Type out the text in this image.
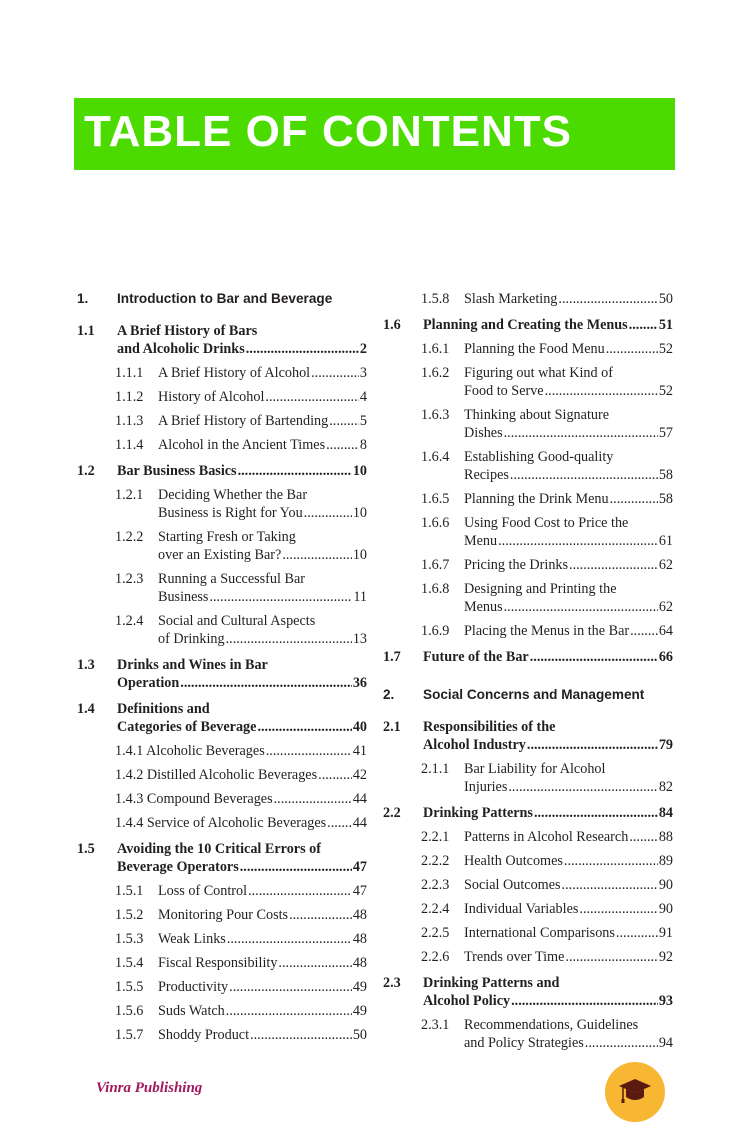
TABLE OF CONTENTS
1. Introduction to Bar and Beverage
1.1 A Brief History of Bars
and Alcoholic Drinks .....	2
1.1.1 A Brief History of Alcohol .....	3
1.1.2 History of Alcohol .....	4
1.1.3 A Brief History of Bartending ..... 5
1.1.4 Alcohol in the Ancient Times ..... 8
1.2 Bar Business Basics .....	10
1.2.1 Deciding Whether the Bar
Business is Right for You .....	10
1.2.2 Starting Fresh or Taking
over an Existing Bar? .....	10
1.2.3 Running a Successful Bar
Business .....	11
1.2.4 Social and Cultural Aspects
of Drinking .....	13
1.3 Drinks and Wines in Bar
Operation .....	36
1.4 Definitions and
Categories of Beverage .....	40
1.4.1 Alcoholic Beverages .....	41
1.4.2 Distilled Alcoholic Beverages .....	42
1.4.3 Compound Beverages .....	44
1.4.4 Service of Alcoholic Beverages ..... 44
1.5 Avoiding the 10 Critical Errors of
Beverage Operators .....	47
1.5.1 Loss of Control .....	47
1.5.2 Monitoring Pour Costs .....	48
1.5.3 Weak Links .....	48
1.5.4 Fiscal Responsibility .....	48
1.5.5 Productivity .....	49
1.5.6 Suds Watch .....	49
1.5.7 Shoddy Product .....	50
1.5.8 Slash Marketing .....	50
1.6 Planning and Creating the Menus ..... 51
1.6.1 Planning the Food Menu .....	52
1.6.2 Figuring out what Kind of
Food to Serve .....	52
1.6.3 Thinking about Signature
Dishes .....	57
1.6.4 Establishing Good-quality
Recipes .....	58
1.6.5 Planning the Drink Menu .....	58
1.6.6 Using Food Cost to Price the
Menu .....	61
1.6.7 Pricing the Drinks .....	62
1.6.8 Designing and Printing the
Menus .....	62
1.6.9 Placing the Menus in the Bar ..... 64
1.7 Future of the Bar .....	66
2. Social Concerns and Management
2.1 Responsibilities of the
Alcohol Industry .....	79
2.1.1 Bar Liability for Alcohol
Injuries .....	82
2.2 Drinking Patterns .....	84
2.2.1 Patterns in Alcohol Research ..... 88
2.2.2 Health Outcomes .....	89
2.2.3 Social Outcomes .....	90
2.2.4 Individual Variables .....	90
2.2.5 International Comparisons .....	91
2.2.6 Trends over Time .....	92
2.3 Drinking Patterns and
Alcohol Policy .....	93
2.3.1 Recommendations, Guidelines
and Policy Strategies .....	94
Vinra Publishing
